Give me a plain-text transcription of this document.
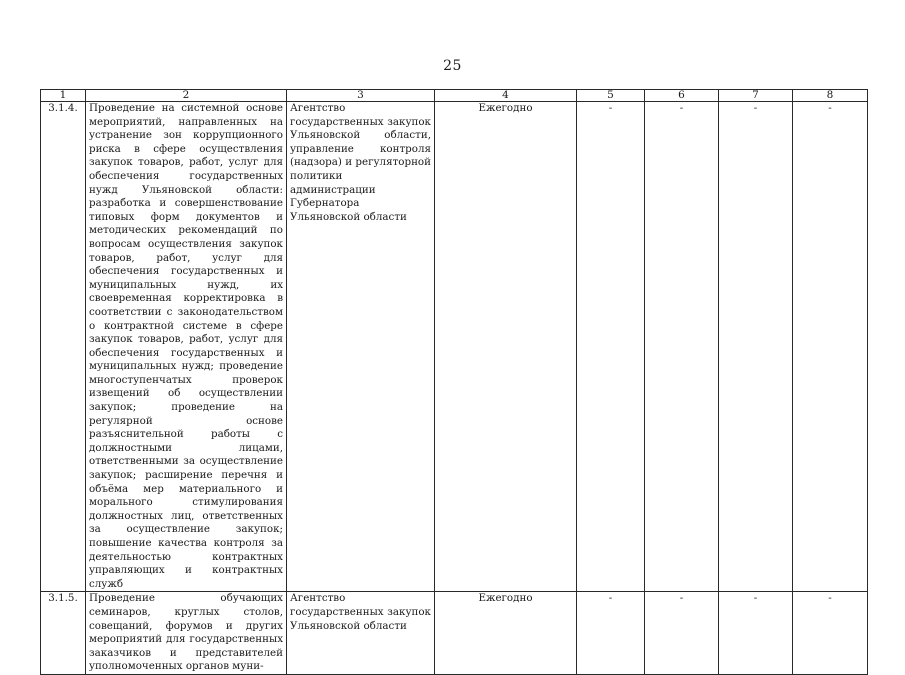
25
1	2	3	4	5	6	7	8
3.1.4.	Проведение на системной основе мероприятий, направленных на устранение зон коррупционного риска в сфере осуществления закупок товаров, работ, услуг для обеспечения государственных нужд Ульяновской области: разработка и совершенствование типовых форм документов и методических рекомендаций по вопросам осуществления закупок товаров, работ, услуг для обеспечения государственных и муниципальных нужд, их своевременная корректировка в соответствии с законодательством о контрактной системе в сфере закупок товаров, работ, услуг для обеспечения государственных и муниципальных нужд; проведение многоступенчатых проверок извещений об осуществлении закупок; проведение на регулярной основе разъяснительной работы с должностными лицами, ответственными за осуществление закупок; расширение перечня и объёма мер материального и морального стимулирования должностных лиц, ответственных за осуществление закупок; повышение качества контроля за деятельностью контрактных управляющих и контрактных служб	Агентство государственных закупок Ульяновской области, управление контроля (надзора) и регуляторной политики администрации Губернатора Ульяновской области	Ежегодно	-	-	-	-
3.1.5.	Проведение обучающих семинаров, круглых столов, совещаний, форумов и других мероприятий для государственных заказчиков и представителей уполномоченных органов муни-	Агентство государственных закупок Ульяновской области	Ежегодно	-	-	-	-
